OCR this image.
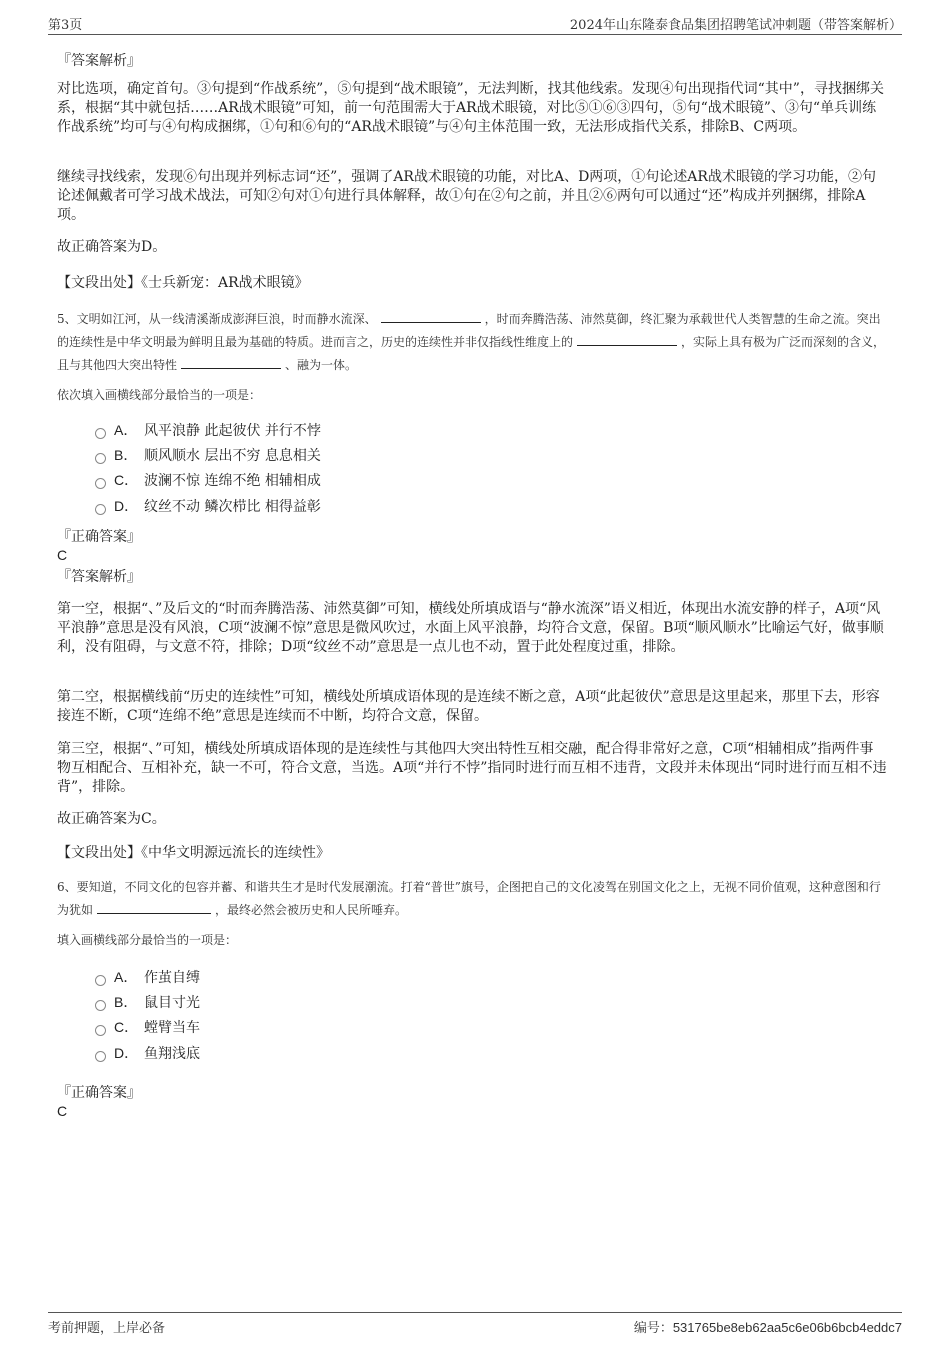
第3页	2024年山东隆泰食品集团招聘笔试冲刺题（带答案解析）
『答案解析』

对比选项，确定首句。③句提到“作战系统”，⑤句提到“战术眼镜”，无法判断，找其他线索。发现④句出现指代词“其中”，寻找捆绑关系，根据“其中就包括……AR战术眼镜”可知，前一句范围需大于AR战术眼镜，对比⑤①⑥③四句，⑤句“战术眼镜”、③句“单兵训练作战系统”均可与④句构成捆绑，①句和⑥句的“AR战术眼镜”与④句主体范围一致，无法形成指代关系，排除B、C两项。

继续寻找线索，发现⑥句出现并列标志词“还”，强调了AR战术眼镜的功能，对比A、D两项，①句论述AR战术眼镜的学习功能，②句论述佩戴者可学习战术战法，可知②句对①句进行具体解释，故①句在②句之前，并且②⑥两句可以通过“还”构成并列捆绑，排除A项。

故正确答案为D。

【文段出处】《士兵新宠：AR战术眼镜》

5、文明如江河，从一线清溪渐成澎湃巨浪，时而静水流深、	，时而奔腾浩荡、沛然莫御，终汇聚为承载世代人类智慧的生命之流。突出的连续性是中华文明最为鲜明且最为基础的特质。进而言之，历史的连续性并非仅指线性维度上的	，实际上具有极为广泛而深刻的含义，且与其他四大突出特性	、融为一体。

依次填入画横线部分最恰当的一项是：

A． 风平浪静 此起彼伏 并行不悖
B． 顺风顺水 层出不穷 息息相关
C． 波澜不惊 连绵不绝 相辅相成
D． 纹丝不动 鳞次栉比 相得益彰
『正确答案』
C
『答案解析』

第一空，根据“、”及后文的“时而奔腾浩荡、沛然莫御”可知，横线处所填成语与“静水流深”语义相近，体现出水流安静的样子，A项“风平浪静”意思是没有风浪，C项“波澜不惊”意思是微风吹过，水面上风平浪静，均符合文意，保留。B项“顺风顺水”比喻运气好，做事顺利，没有阻碍，与文意不符，排除；D项“纹丝不动”意思是一点儿也不动，置于此处程度过重，排除。

第二空，根据横线前“历史的连续性”可知，横线处所填成语体现的是连续不断之意，A项“此起彼伏”意思是这里起来，那里下去，形容接连不断，C项“连绵不绝”意思是连续而不中断，均符合文意，保留。

第三空，根据“、”可知，横线处所填成语体现的是连续性与其他四大突出特性互相交融，配合得非常好之意，C项“相辅相成”指两件事物互相配合、互相补充，缺一不可，符合文意，当选。A项“并行不悖”指同时进行而互相不违背，文段并未体现出“同时进行而互相不违背”，排除。

故正确答案为C。

【文段出处】《中华文明源远流长的连续性》

6、要知道，不同文化的包容并蓄、和谐共生才是时代发展潮流。打着“普世”旗号，企图把自己的文化凌驾在别国文化之上，无视不同价值观，这种意图和行为犹如	，最终必然会被历史和人民所唾弃。

填入画横线部分最恰当的一项是：

A． 作茧自缚
B． 鼠目寸光
C． 螳臂当车
D． 鱼翔浅底
『正确答案』
C
考前押题，上岸必备	编号：531765be8eb62aa5c6e06b6bcb4eddc7
